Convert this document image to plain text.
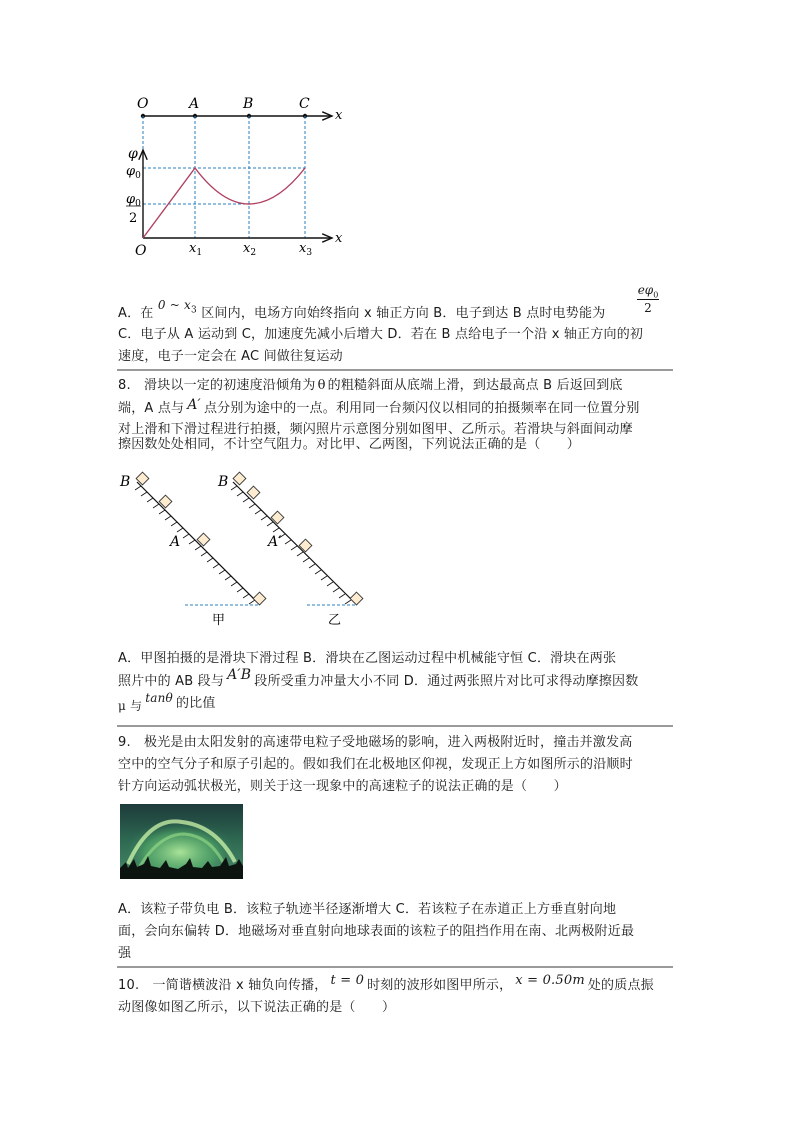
O	A	B	C
x
φ
$\varphi_0$
$\varphi_0$
2
O	$x_1$	$x_2$	$x_3$
x
A．在 0 ~ $x_3$ 区间内，电场方向始终指向 x 轴正方向 B．电子到达 B 点时电势能为
$e\varphi_0$
2
C．电子从 A 运动到 C，加速度先减小后增大 D．若在 B 点给电子一个沿 x 轴正方向的初
速度，电子一定会在 AC 间做往复运动
8.　滑块以一定的初速度沿倾角为 θ 的粗糙斜面从底端上滑，到达最高点 B 后返回到底
端，A 点与 A′ 点分别为途中的一点。利用同一台频闪仪以相同的拍摄频率在同一位置分别
对上滑和下滑过程进行拍摄，频闪照片示意图分别如图甲、乙所示。若滑块与斜面间动摩
擦因数处处相同，不计空气阻力。对比甲、乙两图，下列说法正确的是（　　）
B
A
甲
B
A′
乙
A．甲图拍摄的是滑块下滑过程 B．滑块在乙图运动过程中机械能守恒 C．滑块在两张
照片中的 AB 段与 A′B 段所受重力冲量大小不同 D．通过两张照片对比可求得动摩擦因数
μ 与tanθ 的比值
9.　极光是由太阳发射的高速带电粒子受地磁场的影响，进入两极附近时，撞击并激发高
空中的空气分子和原子引起的。假如我们在北极地区仰视，发现正上方如图所示的沿顺时
针方向运动弧状极光，则关于这一现象中的高速粒子的说法正确的是（　　）
A．该粒子带负电 B．该粒子轨迹半径逐渐增大 C．若该粒子在赤道正上方垂直射向地
面，会向东偏转 D．地磁场对垂直射向地球表面的该粒子的阻挡作用在南、北两极附近最
强
10.　一简谐横波沿 x 轴负向传播， t = 0 时刻的波形如图甲所示， x = 0.50m 处的质点振
动图像如图乙所示，以下说法正确的是（　　）
